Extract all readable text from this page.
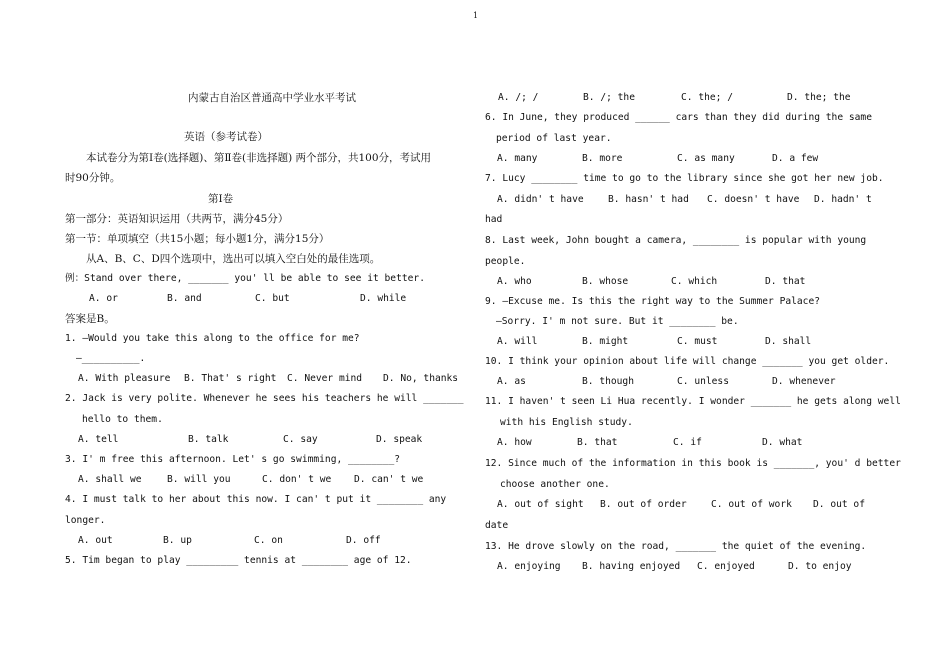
1
内蒙古自治区普通高中学业水平考试
英语（参考试卷）
本试卷分为第Ⅰ卷(选择题)、第Ⅱ卷(非选择题) 两个部分，共100分，考试用
时90分钟。
第Ⅰ卷
第一部分：英语知识运用（共两节，满分45分）
第一节：单项填空（共15小题；每小题1分，满分15分）
从A、B、C、D四个选项中，选出可以填入空白处的最佳选项。
例：Stand over there, _______ you' ll be able to see it better.
A. or	B. and	C. but	D. while
答案是B。
1. —Would you take this along to the office for me?
—__________.
A. With pleasure B. That' s right C. Never mind D. No, thanks
2. Jack is very polite. Whenever he sees his teachers he will _______
hello to them.
A. tell	B. talk	C. say	D. speak
3. I' m free this afternoon. Let' s go swimming, ________?
A. shall we	B. will you	C. don' t we D. can' t we
4. I must talk to her about this now. I can' t put it ________ any
longer.
A. out	B. up	C. on	D. off
5. Tim began to play _________ tennis at ________ age of 12.
A. /; /	B. /; the	C. the; /	D. the; the
6. In June, they produced ______ cars than they did during the same
period of last year.
A. many	B. more	C. as many	D. a few
7. Lucy ________ time to go to the library since she got her new job.
A. didn' t have	B. hasn' t had C. doesn' t have D. hadn' t
had
8. Last week, John bought a camera, ________ is popular with young
people.
A. who	B. whose	C. which	D. that
9. —Excuse me. Is this the right way to the Summer Palace?
—Sorry. I' m not sure. But it ________ be.
A. will	B. might	C. must	D. shall
10. I think your opinion about life will change _______ you get older.
A. as	B. though	C. unless	D. whenever
11. I haven' t seen Li Hua recently. I wonder _______ he gets along well
with his English study.
A. how	B. that	C. if	D. what
12. Since much of the information in this book is _______, you' d better
choose another one.
A. out of sight B. out of order	C. out of work D. out of
date
13. He drove slowly on the road, _______ the quiet of the evening.
A. enjoying B. having enjoyed C. enjoyed	D. to enjoy
